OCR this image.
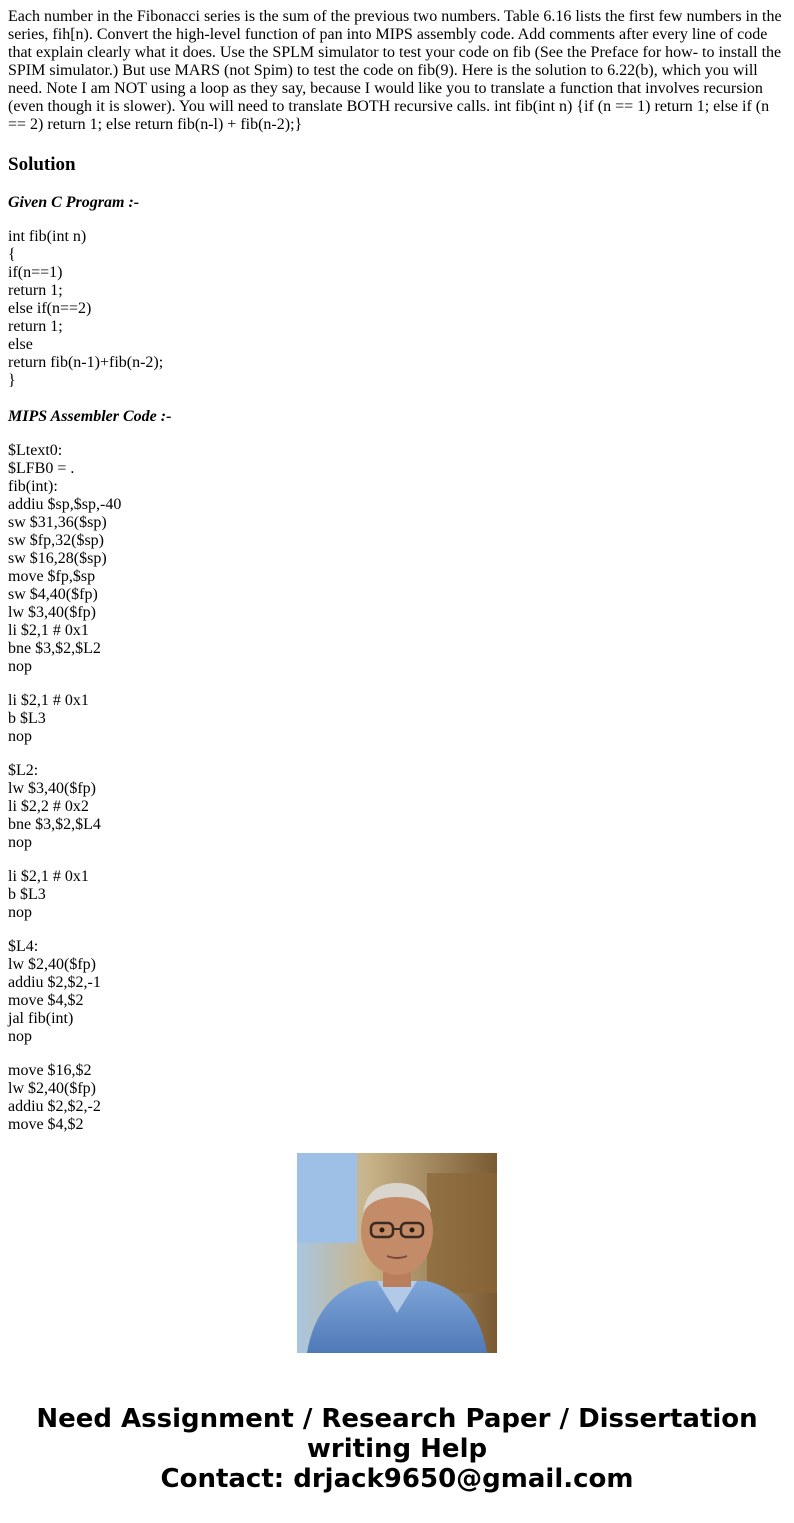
Each number in the Fibonacci series is the sum of the previous two numbers. Table 6.16 lists the first few numbers in the series, fih[n). Convert the high-level function of pan into MIPS assembly code. Add comments after every line of code that explain clearly what it does. Use the SPLM simulator to test your code on fib (See the Preface for how- to install the SPIM simulator.) But use MARS (not Spim) to test the code on fib(9). Here is the solution to 6.22(b), which you will need. Note I am NOT using a loop as they say, because I would like you to translate a function that involves recursion (even though it is slower). You will need to translate BOTH recursive calls. int fib(int n) {if (n == 1) return 1; else if (n == 2) return 1; else return fib(n-l) + fib(n-2);}

Solution

Given C Program :-

int fib(int n)
{
if(n==1)
return 1;
else if(n==2)
return 1;
else
return fib(n-1)+fib(n-2);
}

MIPS Assembler Code :-

$Ltext0:
$LFB0 = .
fib(int):
addiu $sp,$sp,-40
sw $31,36($sp)
sw $fp,32($sp)
sw $16,28($sp)
move $fp,$sp
sw $4,40($fp)
lw $3,40($fp)
li $2,1 # 0x1
bne $3,$2,$L2
nop
li $2,1 # 0x1
b $L3
nop
$L2:
lw $3,40($fp)
li $2,2 # 0x2
bne $3,$2,$L4
nop
li $2,1 # 0x1
b $L3
nop
$L4:
lw $2,40($fp)
addiu $2,$2,-1
move $4,$2
jal fib(int)
nop
move $16,$2
lw $2,40($fp)
addiu $2,$2,-2
move $4,$2
Need Assignment / Research Paper / Dissertation
writing Help
Contact: drjack9650@gmail.com
